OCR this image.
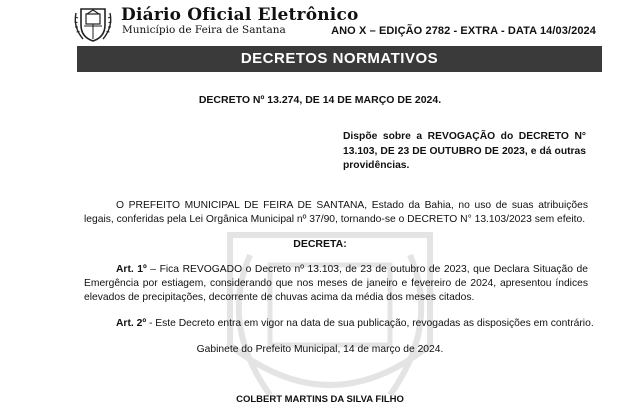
Diário Oficial Eletrônico
Município de Feira de Santana	ANO X – EDIÇÃO 2782 - EXTRA - DATA 14/03/2024
DECRETOS NORMATIVOS
DECRETO Nº 13.274, DE 14 DE MARÇO DE 2024.
Dispõe sobre a REVOGAÇÃO do DECRETO N° 13.103, DE 23 DE OUTUBRO DE 2023, e dá outras providências.
O PREFEITO MUNICIPAL DE FEIRA DE SANTANA, Estado da Bahia, no uso de suas atribuições legais, conferidas pela Lei Orgânica Municipal nº 37/90, tornando-se o DECRETO N° 13.103/2023 sem efeito.
DECRETA:
Art. 1º – Fica REVOGADO o Decreto nº 13.103, de 23 de outubro de 2023, que Declara Situação de Emergência por estiagem, considerando que nos meses de janeiro e fevereiro de 2024, apresentou índices elevados de precipitações, decorrente de chuvas acima da média dos meses citados.
Art. 2º - Este Decreto entra em vigor na data de sua publicação, revogadas as disposições em contrário.
Gabinete do Prefeito Municipal, 14 de março de 2024.
COLBERT MARTINS DA SILVA FILHO
